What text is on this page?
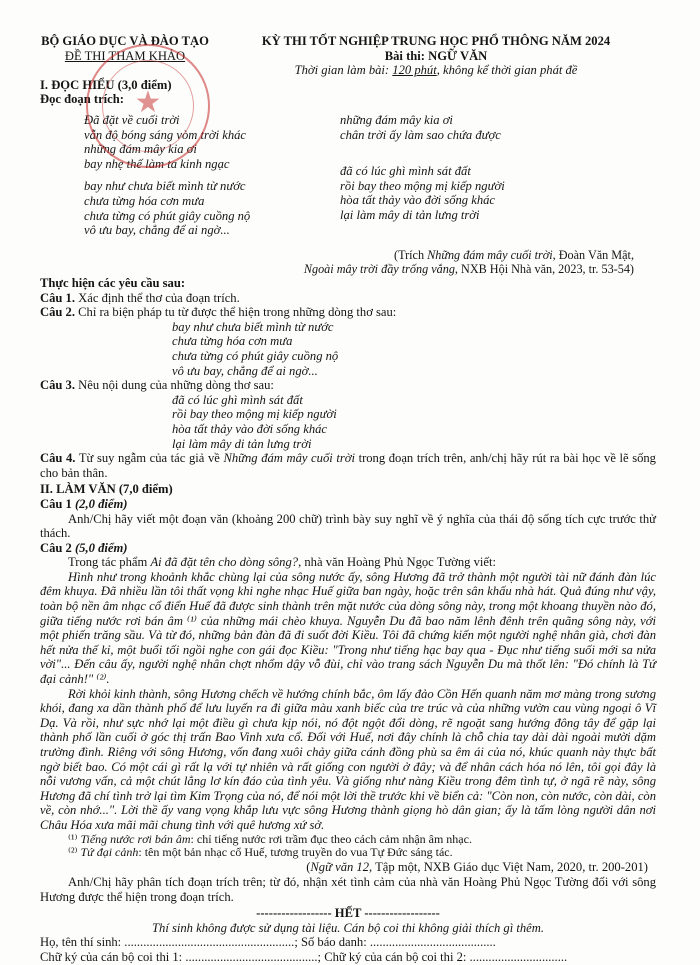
★
BỘ GIÁO DỤC VÀ ĐÀO TẠO
ĐỀ THI THAM KHẢO
KỲ THI TỐT NGHIỆP TRUNG HỌC PHỔ THÔNG NĂM 2024
Bài thi: NGỮ VĂN
Thời gian làm bài: 120 phút, không kể thời gian phát đề
I. ĐỌC HIỂU (3,0 điểm)
Đọc đoạn trích:
Đã đặt về cuối trời
vẫn độ bóng sáng vòm trời khác
những đám mây kia ơi
bay nhẹ thế làm ta kinh ngạc
bay như chưa biết mình từ nước
chưa từng hóa cơn mưa
chưa từng có phút giây cuồng nộ
vô ưu bay, chẳng để ai ngờ...
những đám mây kia ơi
chân trời ấy làm sao chứa được
đã có lúc ghì mình sát đất
rồi bay theo mộng mị kiếp người
hòa tất thảy vào đời sống khác
lại làm mây di tản lưng trời
(Trích Những đám mây cuối trời, Đoàn Văn Mật,
Ngoài mây trời đầy trống vắng, NXB Hội Nhà văn, 2023, tr. 53-54)
Thực hiện các yêu cầu sau:

Câu 1. Xác định thể thơ của đoạn trích.

Câu 2. Chỉ ra biện pháp tu từ được thể hiện trong những dòng thơ sau:

bay như chưa biết mình từ nước
chưa từng hóa cơn mưa
chưa từng có phút giây cuồng nộ
vô ưu bay, chẳng để ai ngờ...

Câu 3. Nêu nội dung của những dòng thơ sau:

đã có lúc ghì mình sát đất
rồi bay theo mộng mị kiếp người
hòa tất thảy vào đời sống khác
lại làm mây di tản lưng trời

Câu 4. Từ suy ngẫm của tác giả về Những đám mây cuối trời trong đoạn trích trên, anh/chị hãy rút ra bài học về lẽ sống cho bản thân.

II. LÀM VĂN (7,0 điểm)

Câu 1 (2,0 điểm)

Anh/Chị hãy viết một đoạn văn (khoảng 200 chữ) trình bày suy nghĩ về ý nghĩa của thái độ sống tích cực trước thử thách.

Câu 2 (5,0 điểm)

Trong tác phẩm Ai đã đặt tên cho dòng sông?, nhà văn Hoàng Phủ Ngọc Tường viết:

Hình như trong khoảnh khắc chùng lại của sông nước ấy, sông Hương đã trở thành một người tài nữ đánh đàn lúc đêm khuya. Đã nhiều lần tôi thất vọng khi nghe nhạc Huế giữa ban ngày, hoặc trên sân khấu nhà hát. Quả đúng như vậy, toàn bộ nền âm nhạc cổ điển Huế đã được sinh thành trên mặt nước của dòng sông này, trong một khoang thuyền nào đó, giữa tiếng nước rơi bán âm ⁽¹⁾ của những mái chèo khuya. Nguyễn Du đã bao năm lênh đênh trên quãng sông này, với một phiến trăng sầu. Và từ đó, những bản đàn đã đi suốt đời Kiều. Tôi đã chứng kiến một người nghệ nhân già, chơi đàn hết nửa thế kỉ, một buổi tối ngồi nghe con gái đọc Kiều: "Trong như tiếng hạc bay qua - Đục như tiếng suối mới sa nửa vời"... Đến câu ấy, người nghệ nhân chợt nhổm dậy vỗ đùi, chỉ vào trang sách Nguyễn Du mà thốt lên: "Đó chính là Tứ đại cảnh!" ⁽²⁾.

Rời khỏi kinh thành, sông Hương chếch về hướng chính bắc, ôm lấy đảo Cồn Hến quanh năm mơ màng trong sương khói, đang xa dần thành phố để lưu luyến ra đi giữa màu xanh biếc của tre trúc và của những vườn cau vùng ngoại ô Vĩ Dạ. Và rồi, như sực nhớ lại một điều gì chưa kịp nói, nó đột ngột đổi dòng, rẽ ngoặt sang hướng đông tây để gặp lại thành phố lần cuối ở góc thị trấn Bao Vinh xưa cổ. Đối với Huế, nơi đây chính là chỗ chia tay dài dài ngoài mười dặm trường đình. Riêng với sông Hương, vốn đang xuôi chảy giữa cánh đồng phù sa êm ái của nó, khúc quanh này thực bất ngờ biết bao. Có một cái gì rất lạ với tự nhiên và rất giống con người ở đây; và để nhân cách hóa nó lên, tôi gọi đây là nỗi vương vấn, cả một chút lẳng lơ kín đáo của tình yêu. Và giống như nàng Kiều trong đêm tình tự, ở ngã rẽ này, sông Hương đã chí tình trở lại tìm Kim Trọng của nó, để nói một lời thề trước khi về biển cả: "Còn non, còn nước, còn dài, còn về, còn nhớ...". Lời thề ấy vang vọng khắp lưu vực sông Hương thành giọng hò dân gian; ấy là tấm lòng người dân nơi Châu Hóa xưa mãi mãi chung tình với quê hương xứ sở.

⁽¹⁾ Tiếng nước rơi bán âm: chỉ tiếng nước rơi trầm đục theo cách cảm nhận âm nhạc.

⁽²⁾ Tứ đại cảnh: tên một bản nhạc cổ Huế, tương truyền do vua Tự Đức sáng tác.

(Ngữ văn 12, Tập một, NXB Giáo dục Việt Nam, 2020, tr. 200-201)

Anh/Chị hãy phân tích đoạn trích trên; từ đó, nhận xét tình cảm của nhà văn Hoàng Phủ Ngọc Tường đối với sông Hương được thể hiện trong đoạn trích.

------------------ HẾT ------------------
Thí sinh không được sử dụng tài liệu. Cán bộ coi thi không giải thích gì thêm.
Họ, tên thí sinh: ......................................................; Số báo danh: ........................................
Chữ ký của cán bộ coi thi 1: ..........................................; Chữ ký của cán bộ coi thi 2: ...............................
